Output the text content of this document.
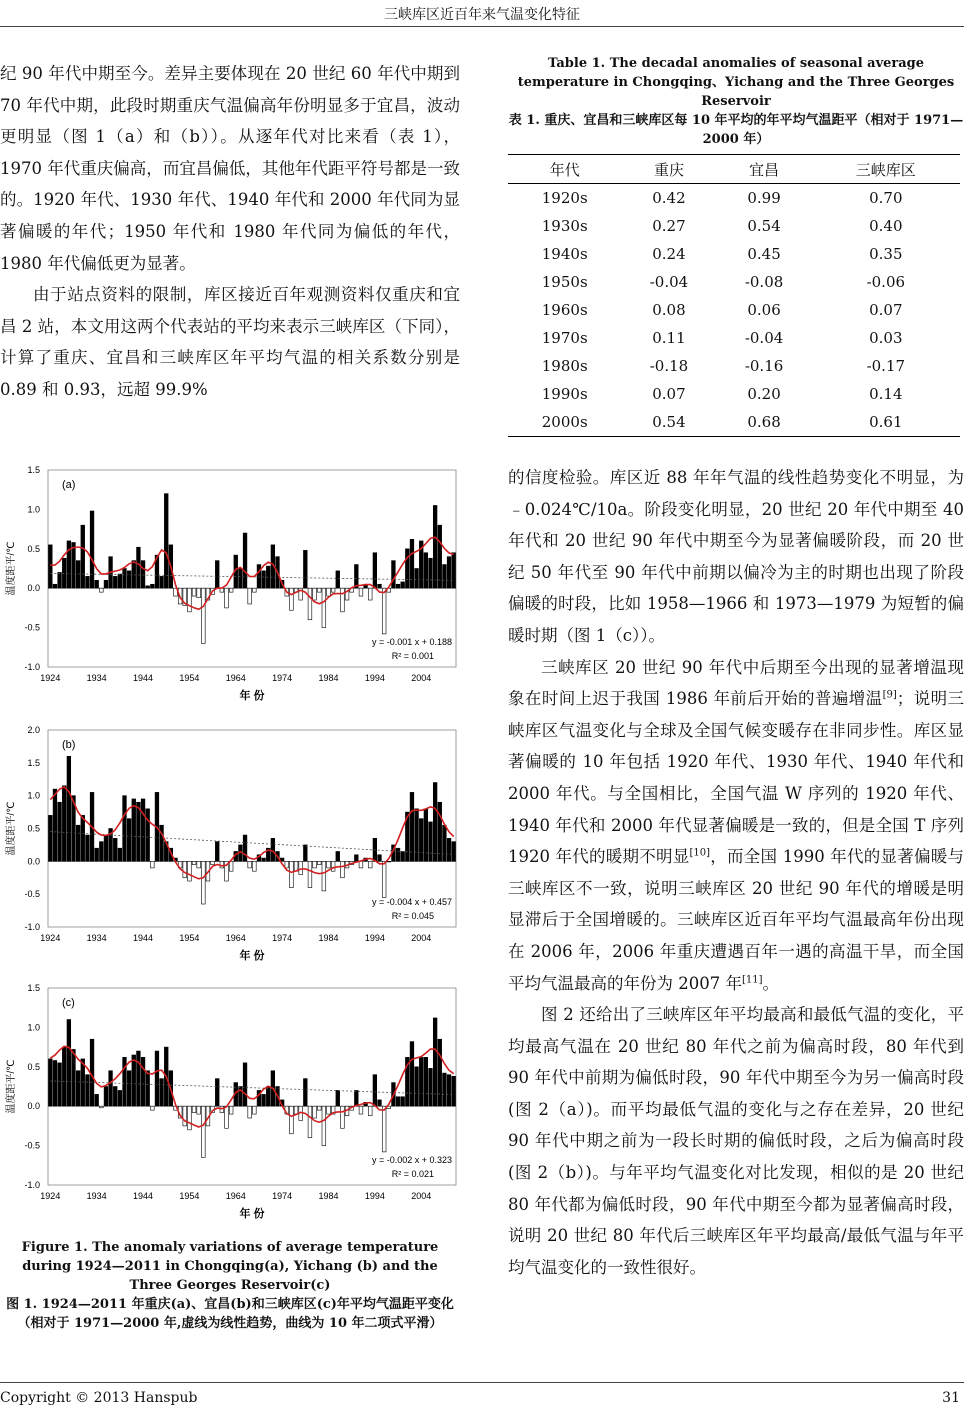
三峡库区近百年来气温变化特征

纪 90 年代中期至今。差异主要体现在 20 世纪 60 年代中期到 70 年代中期，此段时期重庆气温偏高年份明显多于宜昌，波动更明显（图 1（a）和（b））。从逐年代对比来看（表 1），1970 年代重庆偏高，而宜昌偏低，其他年代距平符号都是一致的。1920 年代、1930 年代、1940 年代和 2000 年代同为显著偏暖的年代；1950 年代和 1980 年代同为偏低的年代，1980 年代偏低更为显著。

由于站点资料的限制，库区接近百年观测资料仅重庆和宜昌 2 站，本文用这两个代表站的平均来表示三峡库区（下同），计算了重庆、宜昌和三峡库区年平均气温的相关系数分别是 0.89 和 0.93，远超 99.9%

Table 1. The decadal anomalies of seasonal average temperature in Chongqing、Yichang and the Three Georges Reservoir
表 1. 重庆、宜昌和三峡库区每 10 年平均的年平均气温距平（相对于 1971—2000 年）
年代	重庆	宜昌	三峡库区
1920s	0.42	0.99	0.70
1930s	0.27	0.54	0.40
1940s	0.24	0.45	0.35
1950s	-0.04	-0.08	-0.06
1960s	0.08	0.06	0.07
1970s	0.11	-0.04	0.03
1980s	-0.18	-0.16	-0.17
1990s	0.07	0.20	0.14
2000s	0.54	0.68	0.61

的信度检验。库区近 88 年年气温的线性趋势变化不明显，为﹣0.024℃/10a。阶段变化明显，20 世纪 20 年代中期至 40 年代和 20 世纪 90 年代中期至今为显著偏暖阶段，而 20 世纪 50 年代至 90 年代中前期以偏冷为主的时期也出现了阶段偏暖的时段，比如 1958—1966 和 1973—1979 为短暂的偏暖时期（图 1（c））。

三峡库区 20 世纪 90 年代中后期至今出现的显著增温现象在时间上迟于我国 1986 年前后开始的普遍增温[9]；说明三峡库区气温变化与全球及全国气候变暖存在非同步性。库区显著偏暖的 10 年包括 1920 年代、1930 年代、1940 年代和 2000 年代。与全国相比，全国气温 W 序列的 1920 年代、1940 年代和 2000 年代显著偏暖是一致的，但是全国 T 序列 1920 年代的暖期不明显[10]，而全国 1990 年代的显著偏暖与三峡库区不一致，说明三峡库区 20 世纪 90 年代的增暖是明显滞后于全国增暖的。三峡库区近百年平均气温最高年份出现在 2006 年，2006 年重庆遭遇百年一遇的高温干旱，而全国平均气温最高的年份为 2007 年[11]。

图 2 还给出了三峡库区年平均最高和最低气温的变化，平均最高气温在 20 世纪 80 年代之前为偏高时段，80 年代到 90 年代中前期为偏低时段，90 年代中期至今为另一偏高时段(图 2（a）)。而平均最低气温的变化与之存在差异，20 世纪 90 年代中期之前为一段长时期的偏低时段，之后为偏高时段(图 2（b）)。与年平均气温变化对比发现，相似的是 20 世纪 80 年代都为偏低时段，90 年代中期至今都为显著偏高时段，说明 20 世纪 80 年代后三峡库区年平均最高/最低气温与年平均气温变化的一致性很好。

1.5
1.0
0.5
0.0
-0.5
-1.0
1924	1934	1944	1954	1964	1974	1984	1994	2004
年 份
温度距平/℃
(a)
y = -0.001 x + 0.188
R² = 0.001
2.0
1.5
1.0
0.5
0.0
-0.5
-1.0
1924	1934	1944	1954	1964	1974	1984	1994	2004
年 份
温度距平/℃
(b)
y = -0.004 x + 0.457
R² = 0.045
1.5
1.0
0.5
0.0
-0.5
-1.0
1924	1934	1944	1954	1964	1974	1984	1994	2004
年 份
温度距平/℃
(c)
y = -0.002 x + 0.323
R² = 0.021
Figure 1. The anomaly variations of average temperature during 1924—2011 in Chongqing(a), Yichang (b) and the Three Georges Reservoir(c)
图 1. 1924—2011 年重庆(a)、宜昌(b)和三峡库区(c)年平均气温距平变化（相对于 1971—2000 年,虚线为线性趋势，曲线为 10 年二项式平滑）
Copyright © 2013 Hanspub	31
